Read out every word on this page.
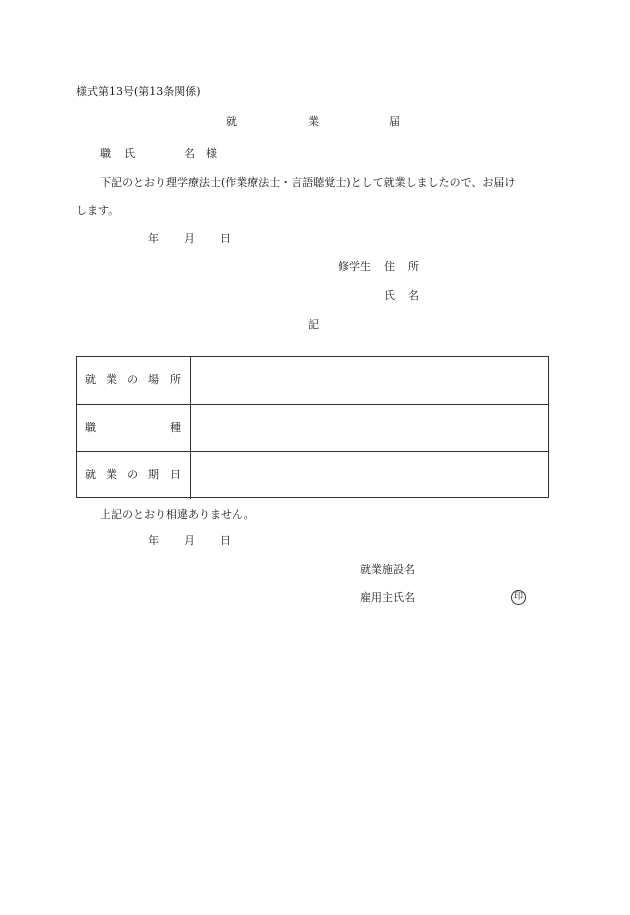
様式第13号(第13条関係)
就	業	届
職 氏	名 様
下記のとおり理学療法士(作業療法士・言語聴覚士)として就業しましたので、お届け
します。
年 月 日
修学生 住 所
氏 名
記
就 業 の 場 所
職	種
就 業 の 期 日
上記のとおり相違ありません。
年 月 日
就業施設名
雇用主氏名	印
